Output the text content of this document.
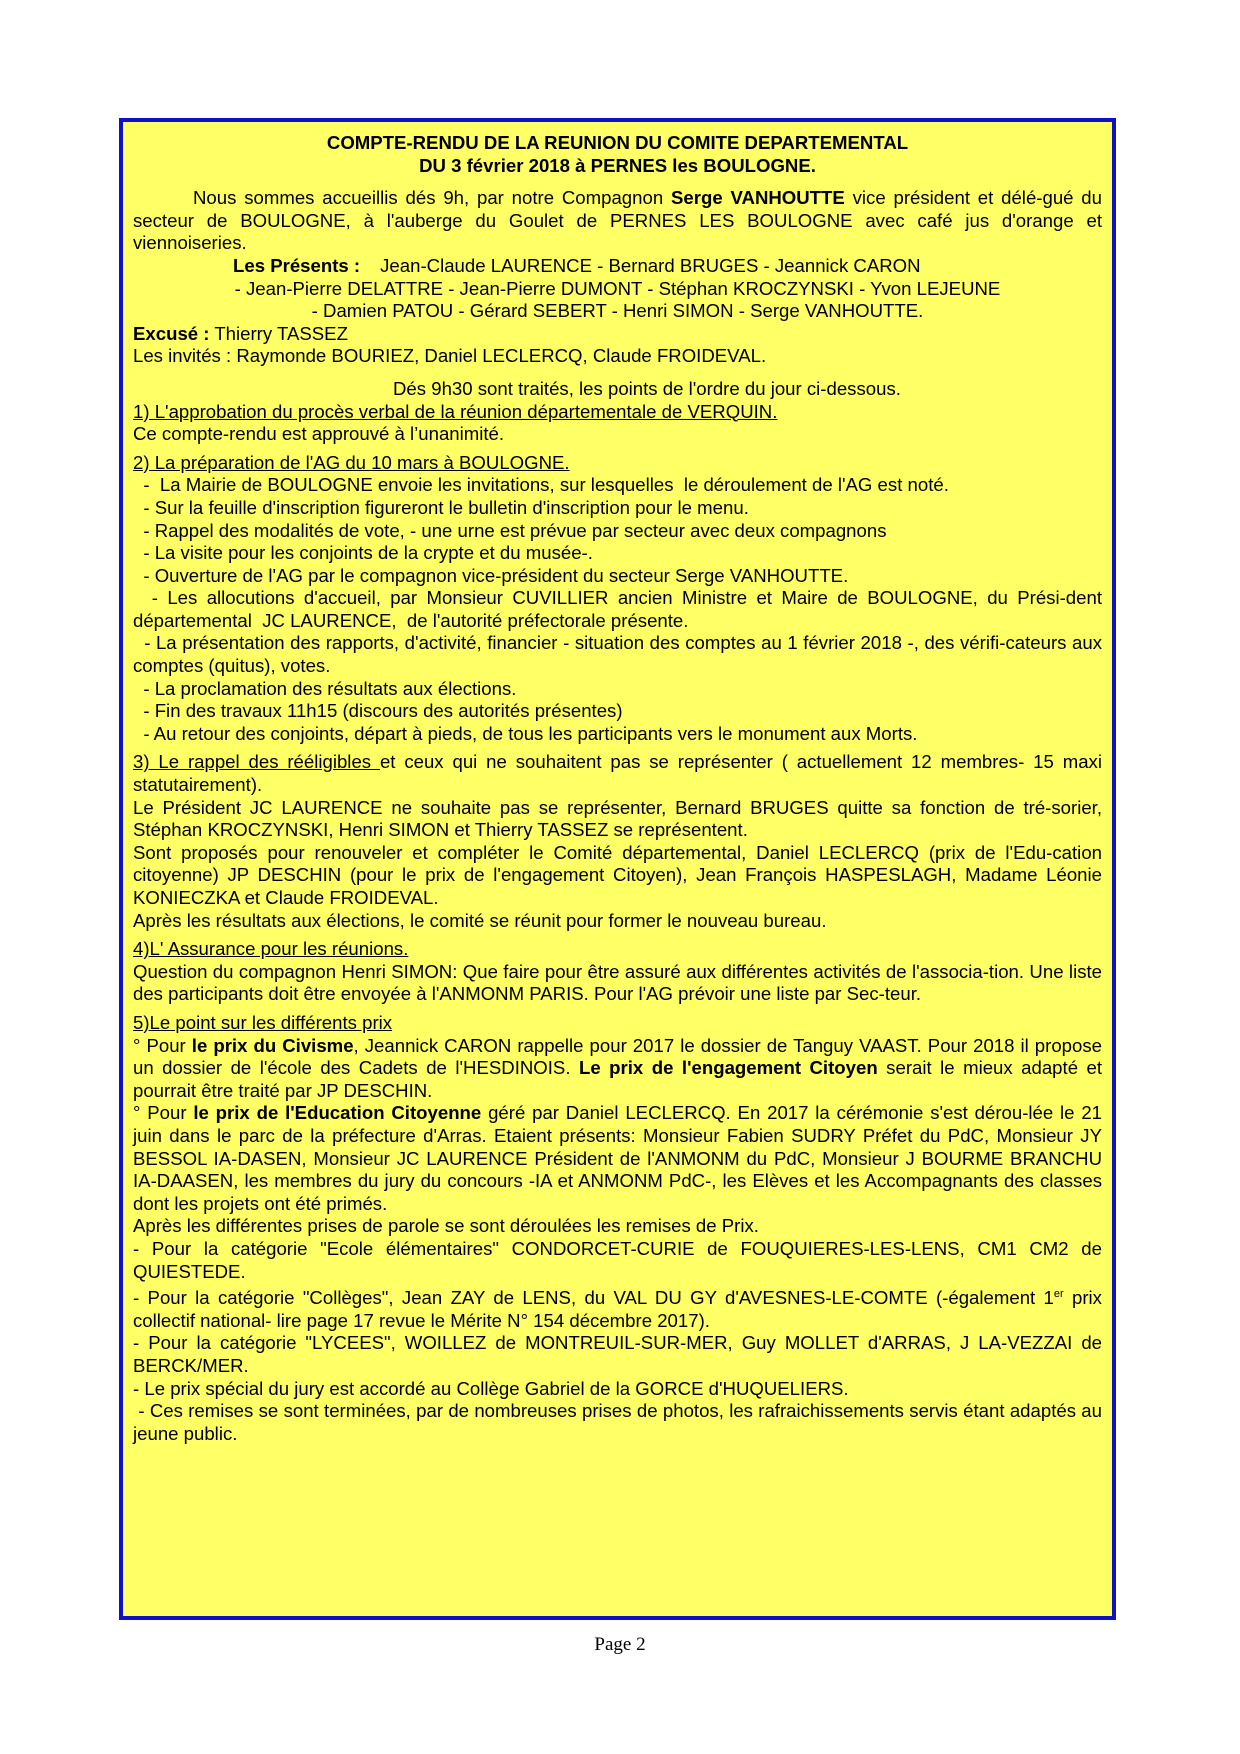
COMPTE-RENDU DE LA REUNION DU COMITE DEPARTEMENTAL

DU 3 février 2018 à PERNES les BOULOGNE.

Nous sommes accueillis dés 9h, par notre Compagnon Serge VANHOUTTE vice président et délé-gué du secteur de BOULOGNE, à l'auberge du Goulet de PERNES LES BOULOGNE avec café jus d'orange et viennoiseries.

Les Présents : Jean-Claude LAURENCE - Bernard BRUGES - Jeannick CARON

- Jean-Pierre DELATTRE - Jean-Pierre DUMONT - Stéphan KROCZYNSKI - Yvon LEJEUNE

- Damien PATOU - Gérard SEBERT - Henri SIMON - Serge VANHOUTTE.

Excusé : Thierry TASSEZ

Les invités : Raymonde BOURIEZ, Daniel LECLERCQ, Claude FROIDEVAL.

Dés 9h30 sont traités, les points de l'ordre du jour ci-dessous.

1) L'approbation du procès verbal de la réunion départementale de VERQUIN.

Ce compte-rendu est approuvé à l’unanimité.

2) La préparation de l'AG du 10 mars à BOULOGNE.

-  La Mairie de BOULOGNE envoie les invitations, sur lesquelles  le déroulement de l'AG est noté.

- Sur la feuille d'inscription figureront le bulletin d'inscription pour le menu.

- Rappel des modalités de vote, - une urne est prévue par secteur avec deux compagnons

- La visite pour les conjoints de la crypte et du musée-.

- Ouverture de l'AG par le compagnon vice-président du secteur Serge VANHOUTTE.

- Les allocutions d'accueil, par Monsieur CUVILLIER ancien Ministre et Maire de BOULOGNE, du Prési-dent départemental  JC LAURENCE,  de l'autorité préfectorale présente.

- La présentation des rapports, d'activité, financier - situation des comptes au 1 février 2018 -, des vérifi-cateurs aux comptes (quitus), votes.

- La proclamation des résultats aux élections.

- Fin des travaux 11h15 (discours des autorités présentes)

- Au retour des conjoints, départ à pieds, de tous les participants vers le monument aux Morts.

3) Le rappel des rééligibles et ceux qui ne souhaitent pas se représenter ( actuellement 12 membres- 15 maxi statutairement).

Le Président JC LAURENCE ne souhaite pas se représenter, Bernard BRUGES quitte sa fonction de tré-sorier, Stéphan KROCZYNSKI, Henri SIMON et Thierry TASSEZ se représentent.

Sont proposés pour renouveler et compléter le Comité départemental, Daniel LECLERCQ (prix de l'Edu-cation citoyenne) JP DESCHIN (pour le prix de l'engagement Citoyen), Jean François HASPESLAGH, Madame Léonie KONIECZKA et Claude FROIDEVAL.

Après les résultats aux élections, le comité se réunit pour former le nouveau bureau.

4)L' Assurance pour les réunions.

Question du compagnon Henri SIMON: Que faire pour être assuré aux différentes activités de l'associa-tion. Une liste des participants doit être envoyée à l'ANMONM PARIS. Pour l'AG prévoir une liste par Sec-teur.

5)Le point sur les différents prix

° Pour le prix du Civisme, Jeannick CARON rappelle pour 2017 le dossier de Tanguy VAAST. Pour 2018 il propose un dossier de l'école des Cadets de l'HESDINOIS. Le prix de l'engagement Citoyen serait le mieux adapté et pourrait être traité par JP DESCHIN.

° Pour le prix de l'Education Citoyenne géré par Daniel LECLERCQ. En 2017 la cérémonie s'est dérou-lée le 21 juin dans le parc de la préfecture d'Arras. Etaient présents: Monsieur Fabien SUDRY Préfet du PdC, Monsieur JY BESSOL IA-DASEN, Monsieur JC LAURENCE Président de l'ANMONM du PdC, Monsieur J BOURME BRANCHU IA-DAASEN, les membres du jury du concours -IA et ANMONM PdC-, les Elèves et les Accompagnants des classes dont les projets ont été primés.

Après les différentes prises de parole se sont déroulées les remises de Prix.

- Pour la catégorie "Ecole élémentaires" CONDORCET-CURIE de FOUQUIERES-LES-LENS, CM1 CM2 de QUIESTEDE.

- Pour la catégorie "Collèges", Jean ZAY de LENS, du VAL DU GY d'AVESNES-LE-COMTE (-également 1er prix collectif national- lire page 17 revue le Mérite N° 154 décembre 2017).

- Pour la catégorie "LYCEES", WOILLEZ de MONTREUIL-SUR-MER, Guy MOLLET d'ARRAS, J LA-VEZZAI de BERCK/MER.

- Le prix spécial du jury est accordé au Collège Gabriel de la GORCE d'HUQUELIERS.

- Ces remises se sont terminées, par de nombreuses prises de photos, les rafraichissements servis étant adaptés au jeune public.

Page 2
